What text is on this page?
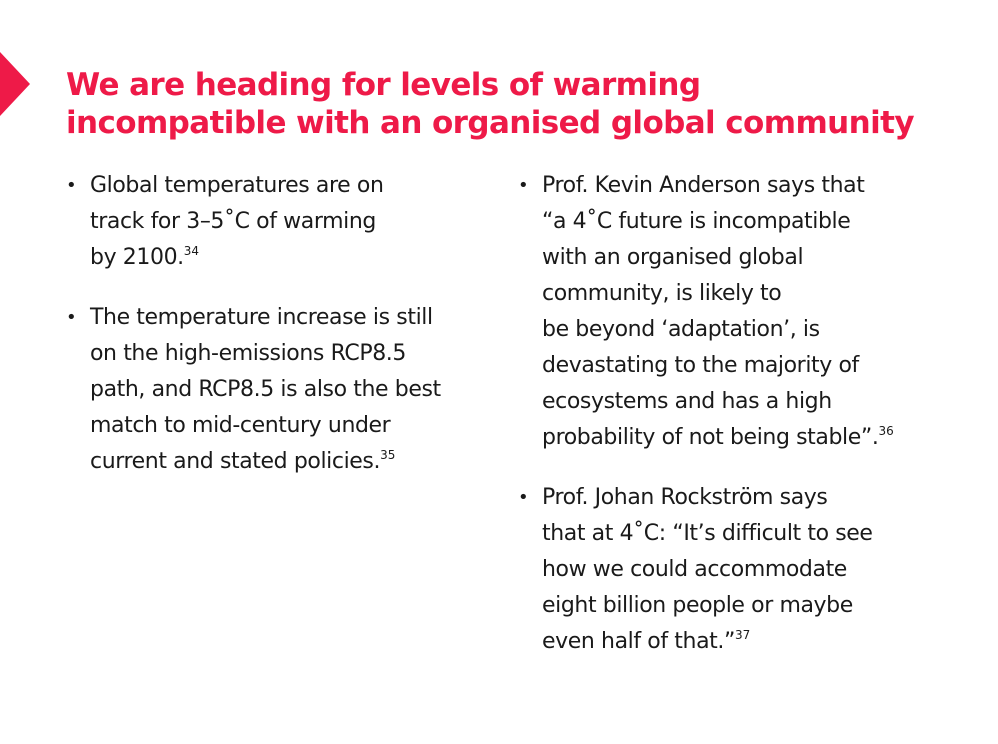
We are heading for levels of warming
incompatible with an organised global community
• Global temperatures are on
track for 3–5˚C of warming
by 2100.34
• The temperature increase is still
on the high-emissions RCP8.5
path, and RCP8.5 is also the best
match to mid-century under
current and stated policies.$^{35}$
• Prof. Kevin Anderson says that
“a 4˚C future is incompatible
with an organised global
community, is likely to
be beyond ‘adaptation’, is
devastating to the majority of
ecosystems and has a high
probability of not being stable”.$^{36}$
• Prof. Johan Rockström says
that at 4˚C: “It’s difficult to see
how we could accommodate
eight billion people or maybe
even half of that.”$^{37}$
